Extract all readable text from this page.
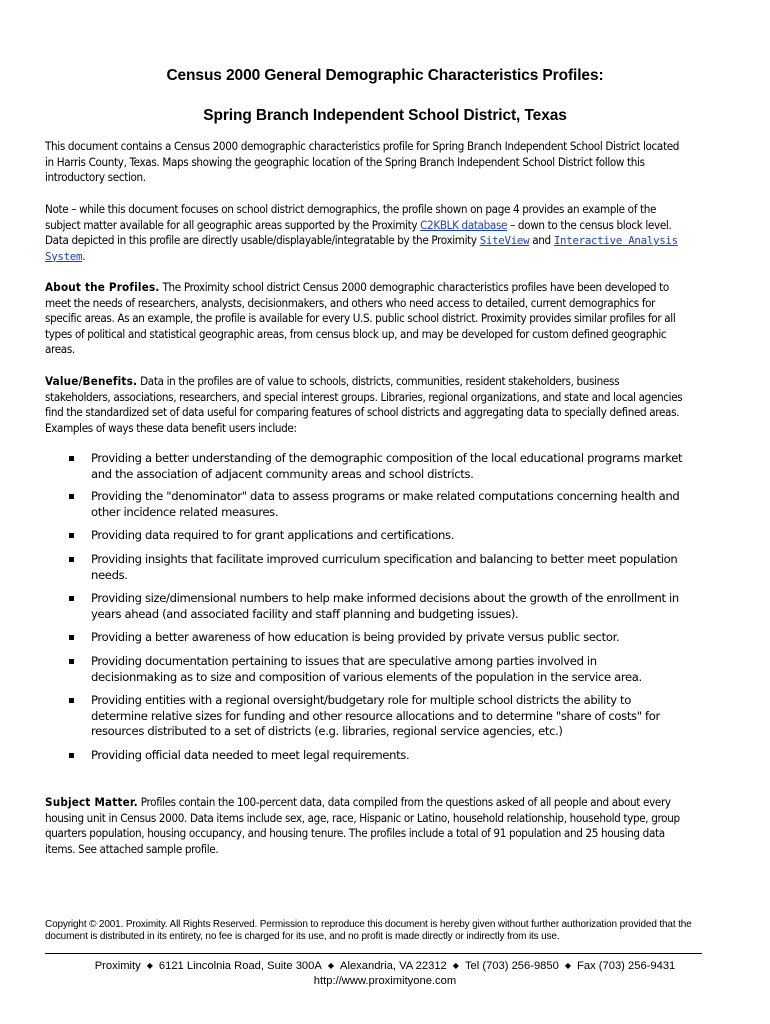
Census 2000 General Demographic Characteristics Profiles:
Spring Branch Independent School District, Texas
This document contains a Census 2000 demographic characteristics profile for Spring Branch Independent School District located in Harris County, Texas. Maps showing the geographic location of the Spring Branch Independent School District follow this introductory section.
Note – while this document focuses on school district demographics, the profile shown on page 4 provides an example of the subject matter available for all geographic areas supported by the Proximity C2KBLK database – down to the census block level. Data depicted in this profile are directly usable/displayable/integratable by the Proximity SiteView and Interactive Analysis System.
About the Profiles. The Proximity school district Census 2000 demographic characteristics profiles have been developed to meet the needs of researchers, analysts, decisionmakers, and others who need access to detailed, current demographics for specific areas. As an example, the profile is available for every U.S. public school district. Proximity provides similar profiles for all types of political and statistical geographic areas, from census block up, and may be developed for custom defined geographic areas.
Value/Benefits. Data in the profiles are of value to schools, districts, communities, resident stakeholders, business stakeholders, associations, researchers, and special interest groups. Libraries, regional organizations, and state and local agencies find the standardized set of data useful for comparing features of school districts and aggregating data to specially defined areas. Examples of ways these data benefit users include:
Providing a better understanding of the demographic composition of the local educational programs market and the association of adjacent community areas and school districts.
Providing the "denominator" data to assess programs or make related computations concerning health and other incidence related measures.
Providing data required to for grant applications and certifications.
Providing insights that facilitate improved curriculum specification and balancing to better meet population needs.
Providing size/dimensional numbers to help make informed decisions about the growth of the enrollment in years ahead (and associated facility and staff planning and budgeting issues).
Providing a better awareness of how education is being provided by private versus public sector.
Providing documentation pertaining to issues that are speculative among parties involved in decisionmaking as to size and composition of various elements of the population in the service area.
Providing entities with a regional oversight/budgetary role for multiple school districts the ability to determine relative sizes for funding and other resource allocations and to determine "share of costs" for resources distributed to a set of districts (e.g. libraries, regional service agencies, etc.)
Providing official data needed to meet legal requirements.
Subject Matter. Profiles contain the 100-percent data, data compiled from the questions asked of all people and about every housing unit in Census 2000. Data items include sex, age, race, Hispanic or Latino, household relationship, household type, group quarters population, housing occupancy, and housing tenure. The profiles include a total of 91 population and 25 housing data items. See attached sample profile.
Copyright © 2001. Proximity. All Rights Reserved. Permission to reproduce this document is hereby given without further authorization provided that the document is distributed in its entirety, no fee is charged for its use, and no profit is made directly or indirectly from its use.
Proximity ◆ 6121 Lincolnia Road, Suite 300A ◆ Alexandria, VA 22312 ◆ Tel (703) 256-9850 ◆ Fax (703) 256-9431
http://www.proximityone.com
